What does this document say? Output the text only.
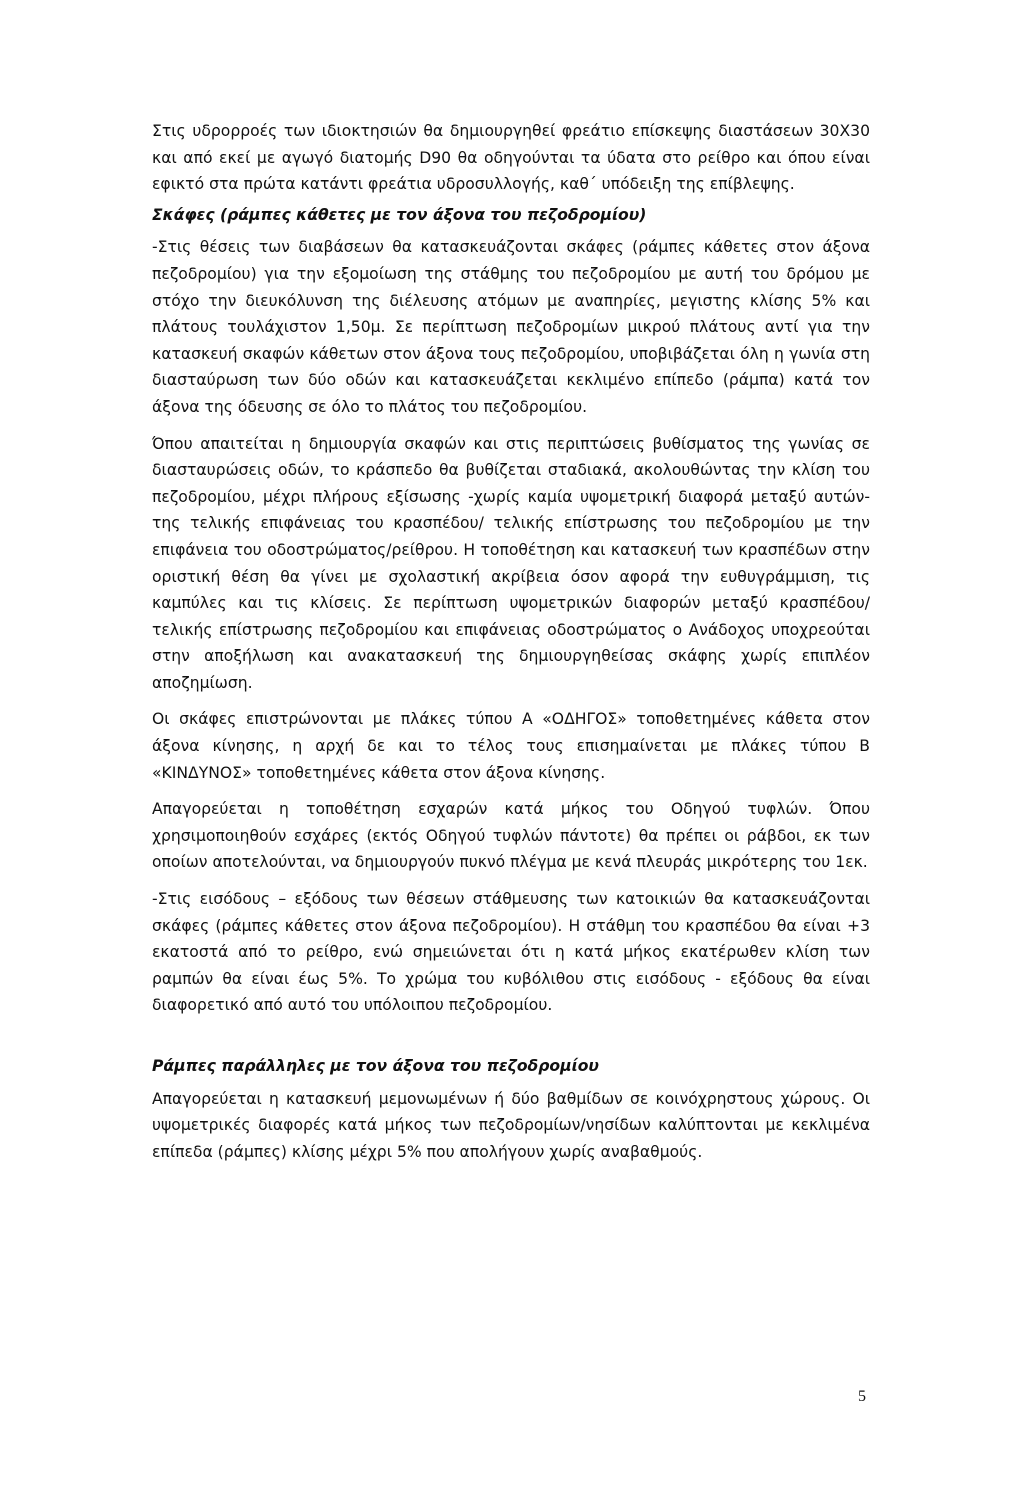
Στις υδρορροές των ιδιοκτησιών θα δημιουργηθεί φρεάτιο επίσκεψης διαστάσεων 30Χ30 και από εκεί με αγωγό διατομής D90 θα οδηγούνται τα ύδατα στο ρείθρο και όπου είναι εφικτό στα πρώτα κατάντι φρεάτια υδροσυλλογής, καθ΄ υπόδειξη της επίβλεψης.

Σκάφες (ράμπες κάθετες με τον άξονα του πεζοδρομίου)

-Στις θέσεις των διαβάσεων θα κατασκευάζονται σκάφες (ράμπες κάθετες στον άξονα πεζοδρομίου) για την εξομοίωση της στάθμης του πεζοδρομίου με αυτή του δρόμου με στόχο την διευκόλυνση της διέλευσης ατόμων με αναπηρίες, μεγιστης κλίσης 5% και πλάτους τουλάχιστον 1,50μ. Σε περίπτωση πεζοδρομίων μικρού πλάτους αντί για την κατασκευή σκαφών κάθετων στον άξονα τους πεζοδρομίου, υποβιβάζεται όλη η γωνία στη διασταύρωση των δύο οδών και κατασκευάζεται κεκλιμένο επίπεδο (ράμπα) κατά τον άξονα της όδευσης σε όλο το πλάτος του πεζοδρομίου.

Όπου απαιτείται η δημιουργία σκαφών και στις περιπτώσεις βυθίσματος της γωνίας σε διασταυρώσεις οδών, το κράσπεδο θα βυθίζεται σταδιακά, ακολουθώντας την κλίση του πεζοδρομίου, μέχρι πλήρους εξίσωσης -χωρίς καμία υψομετρική διαφορά μεταξύ αυτών- της τελικής επιφάνειας του κρασπέδου/ τελικής επίστρωσης του πεζοδρομίου με την επιφάνεια του οδοστρώματος/ρείθρου. Η τοποθέτηση και κατασκευή των κρασπέδων στην οριστική θέση θα γίνει με σχολαστική ακρίβεια όσον αφορά την ευθυγράμμιση, τις καμπύλες και τις κλίσεις. Σε περίπτωση υψομετρικών διαφορών μεταξύ κρασπέδου/ τελικής επίστρωσης πεζοδρομίου και επιφάνειας οδοστρώματος ο Ανάδοχος υποχρεούται στην αποξήλωση και ανακατασκευή της δημιουργηθείσας σκάφης χωρίς επιπλέον αποζημίωση.

Οι σκάφες επιστρώνονται με πλάκες τύπου Α «ΟΔΗΓΟΣ» τοποθετημένες κάθετα στον άξονα κίνησης, η αρχή δε και το τέλος τους επισημαίνεται με πλάκες τύπου Β «ΚΙΝΔΥΝΟΣ» τοποθετημένες κάθετα στον άξονα κίνησης.

Απαγορεύεται η τοποθέτηση εσχαρών κατά μήκος του Οδηγού τυφλών. Όπου χρησιμοποιηθούν εσχάρες (εκτός Οδηγού τυφλών πάντοτε) θα πρέπει οι ράβδοι, εκ των οποίων αποτελούνται, να δημιουργούν πυκνό πλέγμα με κενά πλευράς μικρότερης του 1εκ.

-Στις εισόδους – εξόδους των θέσεων στάθμευσης των κατοικιών θα κατασκευάζονται σκάφες (ράμπες κάθετες στον άξονα πεζοδρομίου). Η στάθμη του κρασπέδου θα είναι +3 εκατοστά από το ρείθρο, ενώ σημειώνεται ότι η κατά μήκος εκατέρωθεν κλίση των ραμπών θα είναι έως 5%. Το χρώμα του κυβόλιθου στις εισόδους - εξόδους θα είναι διαφορετικό από αυτό του υπόλοιπου πεζοδρομίου.

Ράμπες παράλληλες με τον άξονα του πεζοδρομίου

Απαγορεύεται η κατασκευή μεμονωμένων ή δύο βαθμίδων σε κοινόχρηστους χώρους. Οι υψομετρικές διαφορές κατά μήκος των πεζοδρομίων/νησίδων καλύπτονται με κεκλιμένα επίπεδα (ράμπες) κλίσης μέχρι 5% που απολήγουν χωρίς αναβαθμούς.

5
